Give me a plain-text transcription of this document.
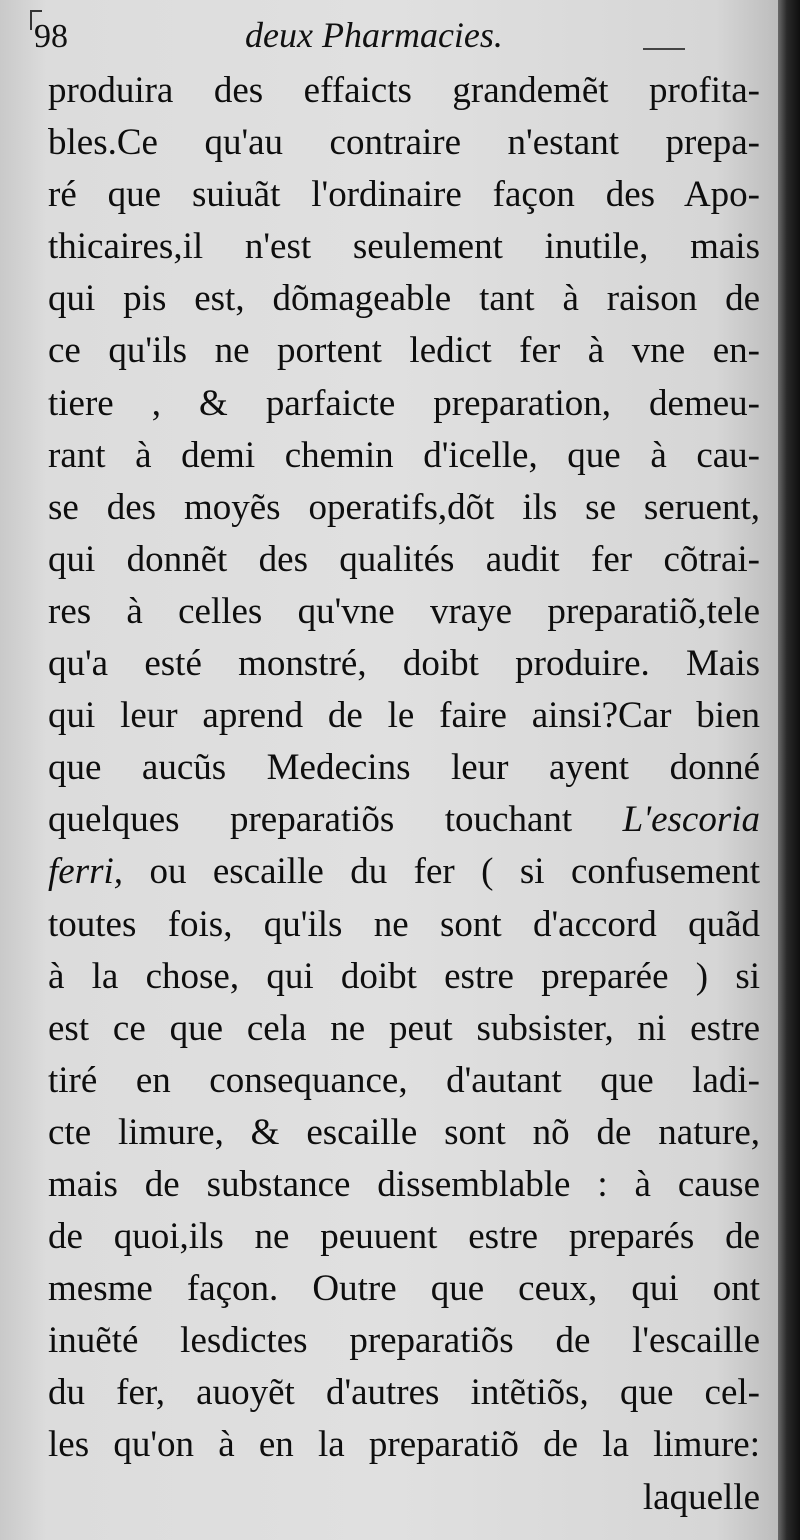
98	deux Pharmacies.
produira des effaicts grandemẽt profita-
bles.Ce qu'au contraire n'estant prepa-
ré que suiuãt l'ordinaire façon des Apo-
thicaires,il n'est seulement inutile, mais
qui pis est, dõmageable tant à raison de
ce qu'ils ne portent ledict fer à vne en-
tiere , & parfaicte preparation, demeu-
rant à demi chemin d'icelle, que à cau-
se des moyẽs operatifs,dõt ils se seruent,
qui donnẽt des qualités audit fer cõtrai-
res à celles qu'vne vraye preparatiõ,tele
qu'a esté monstré, doibt produire. Mais
qui leur aprend de le faire ainsi?Car bien
que aucũs Medecins leur ayent donné
quelques preparatiõs touchant L'escoria
ferri, ou escaille du fer ( si confusement
toutes fois, qu'ils ne sont d'accord quãd
à la chose, qui doibt estre preparée ) si
est ce que cela ne peut subsister, ni estre
tiré en consequance, d'autant que ladi-
cte limure, & escaille sont nõ de nature,
mais de substance dissemblable : à cause
de quoi,ils ne peuuent estre preparés de
mesme façon. Outre que ceux, qui ont
inuẽté lesdictes preparatiõs de l'escaille
du fer, auoyẽt d'autres intẽtiõs, que cel-
les qu'on à en la preparatiõ de la limure:
laquelle
